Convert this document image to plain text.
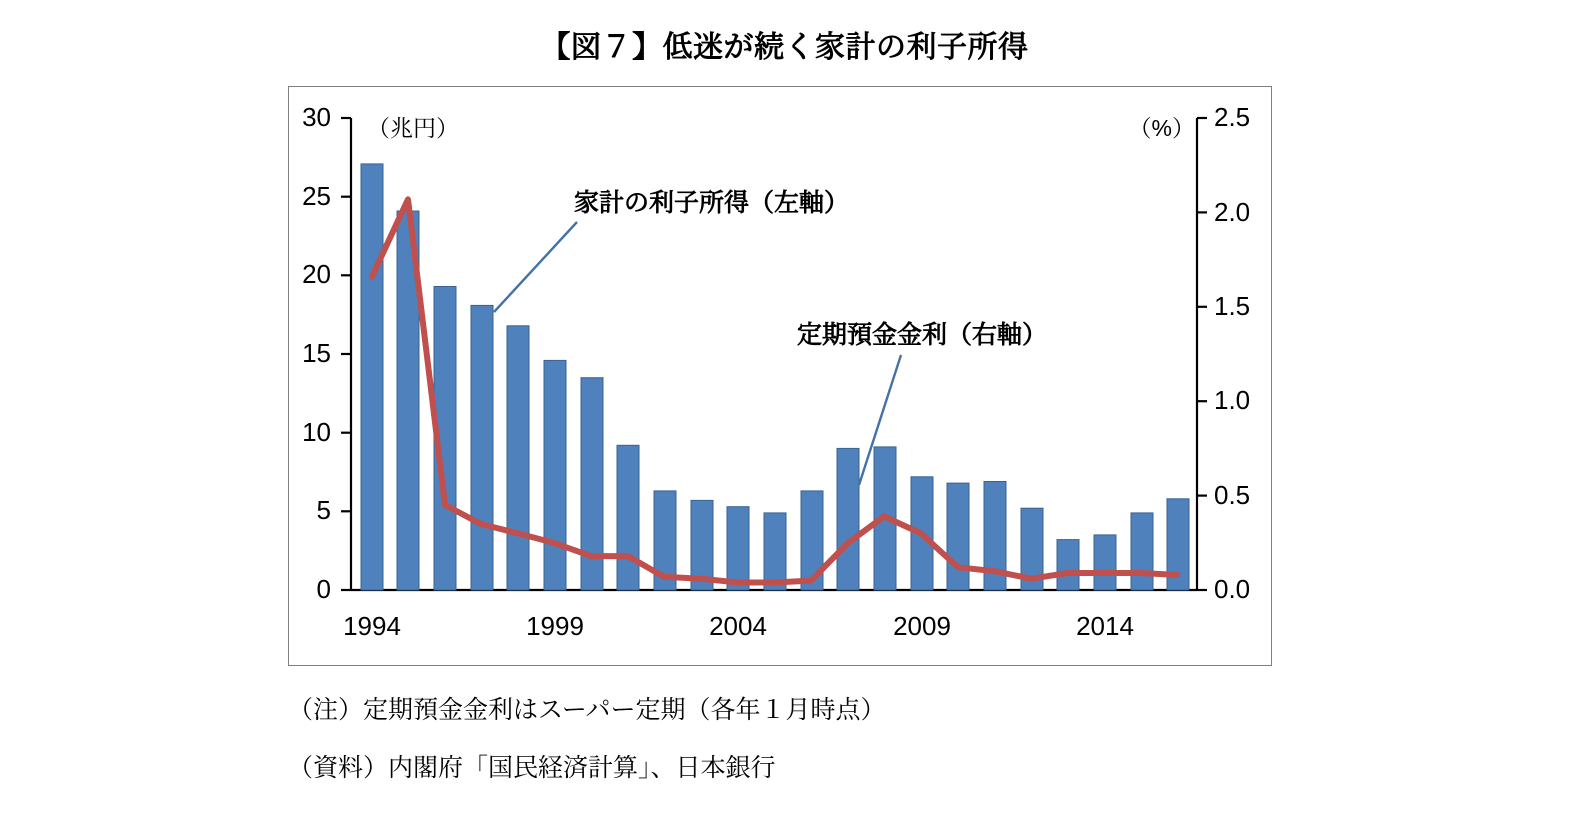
【図７】低迷が続く家計の利子所得
（兆円）	（%）
家計の利子所得（左軸）
定期預金金利（右軸）
0
5
10
15
20
25
30
0.0
0.5
1.0
1.5
2.0
2.5
1994	1999	2004	2009	2014
（注）定期預金金利はスーパー定期（各年１月時点）
（資料）内閣府「国民経済計算」、日本銀行
